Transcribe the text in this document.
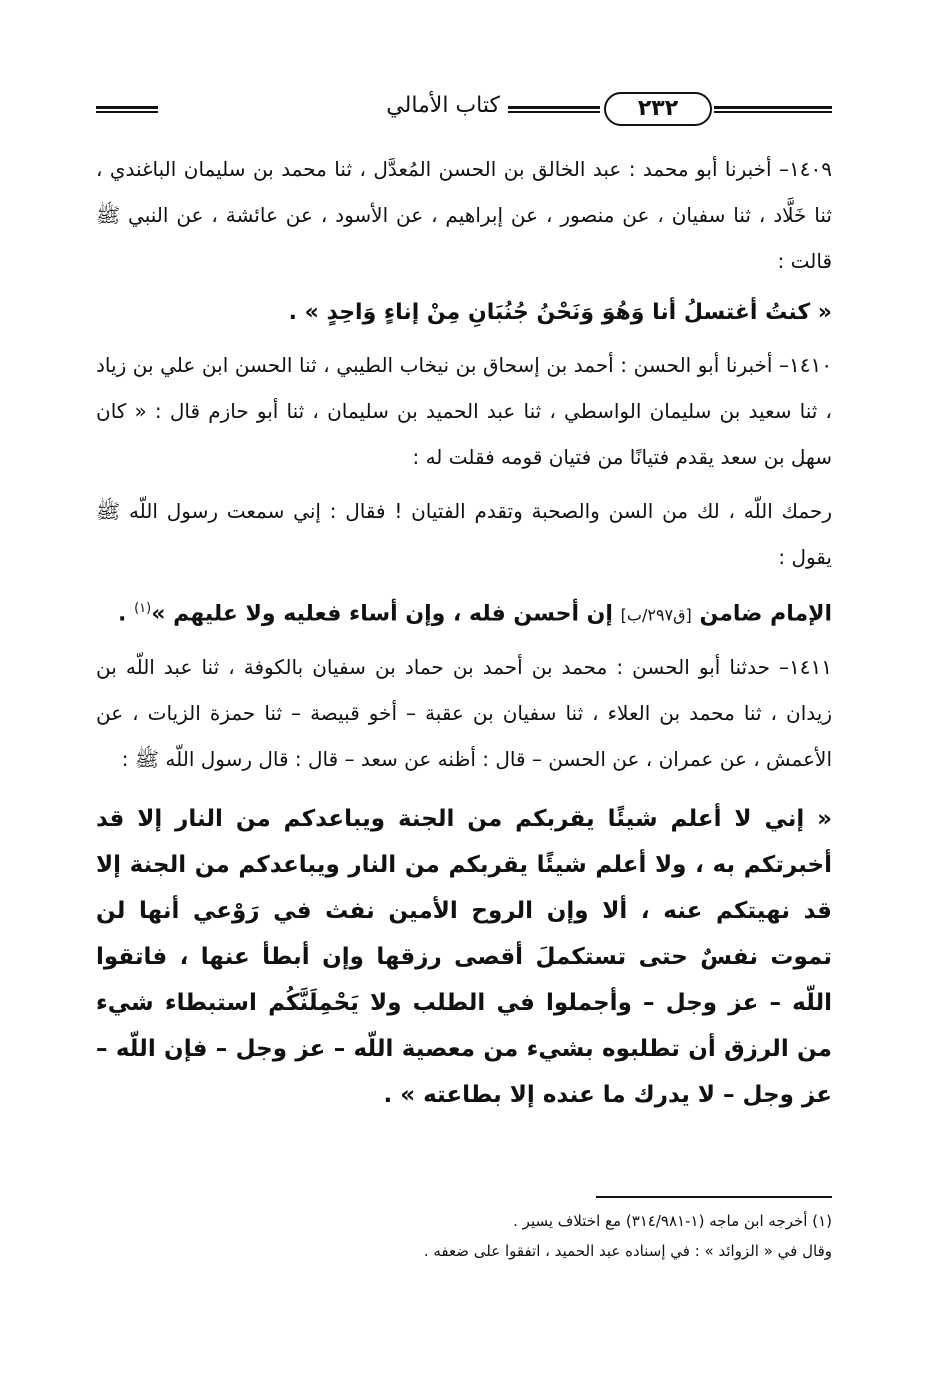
٢٣٢
كتاب الأمالي

١٤٠٩– أخبرنا أبو محمد : عبد الخالق بن الحسن المُعدَّل ، ثنا محمد بن سليمان الباغندي ، ثنا خَلَّاد ، ثنا سفيان ، عن منصور ، عن إبراهيم ، عن الأسود ، عن عائشة ، عن النبي ﷺ قالت :

« كنتُ أغتسلُ أنا وَهُوَ وَنَحْنُ جُنُبَانِ مِنْ إناءٍ وَاحِدٍ » .

١٤١٠– أخبرنا أبو الحسن : أحمد بن إسحاق بن نيخاب الطيبي ، ثنا الحسن ابن علي بن زياد ، ثنا سعيد بن سليمان الواسطي ، ثنا عبد الحميد بن سليمان ، ثنا أبو حازم قال : « كان سهل بن سعد يقدم فتيانًا من فتيان قومه فقلت له :

رحمك اللّه ، لك من السن والصحبة وتقدم الفتيان ! فقال : إني سمعت رسول اللّه ﷺ يقول :

الإمام ضامن [ق٢٩٧/ب] إن أحسن فله ، وإن أساء فعليه ولا عليهم »$^{(١)}$ .

١٤١١– حدثنا أبو الحسن : محمد بن أحمد بن حماد بن سفيان بالكوفة ، ثنا عبد اللّه بن زيدان ، ثنا محمد بن العلاء ، ثنا سفيان بن عقبة – أخو قبيصة – ثنا حمزة الزيات ، عن الأعمش ، عن عمران ، عن الحسن – قال : أظنه عن سعد – قال : قال رسول اللّه ﷺ :

« إني لا أعلم شيئًا يقربكم من الجنة ويباعدكم من النار إلا قد أخبرتكم به ، ولا أعلم شيئًا يقربكم من النار ويباعدكم من الجنة إلا قد نهيتكم عنه ، ألا وإن الروح الأمين نفث في رَوْعي أنها لن تموت نفسٌ حتى تستكملَ أقصى رزقها وإن أبطأ عنها ، فاتقوا اللّه – عز وجل – وأجملوا في الطلب ولا يَحْمِلَنَّكُم استبطاء شيء من الرزق أن تطلبوه بشيء من معصية اللّه – عز وجل – فإن اللّه – عز وجل – لا يدرك ما عنده إلا بطاعته » .

(١) أخرجه ابن ماجه (١-٣١٤/٩٨١) مع اختلاف يسير .
وقال في « الزوائد » : في إسناده عبد الحميد ، اتفقوا على ضعفه .
